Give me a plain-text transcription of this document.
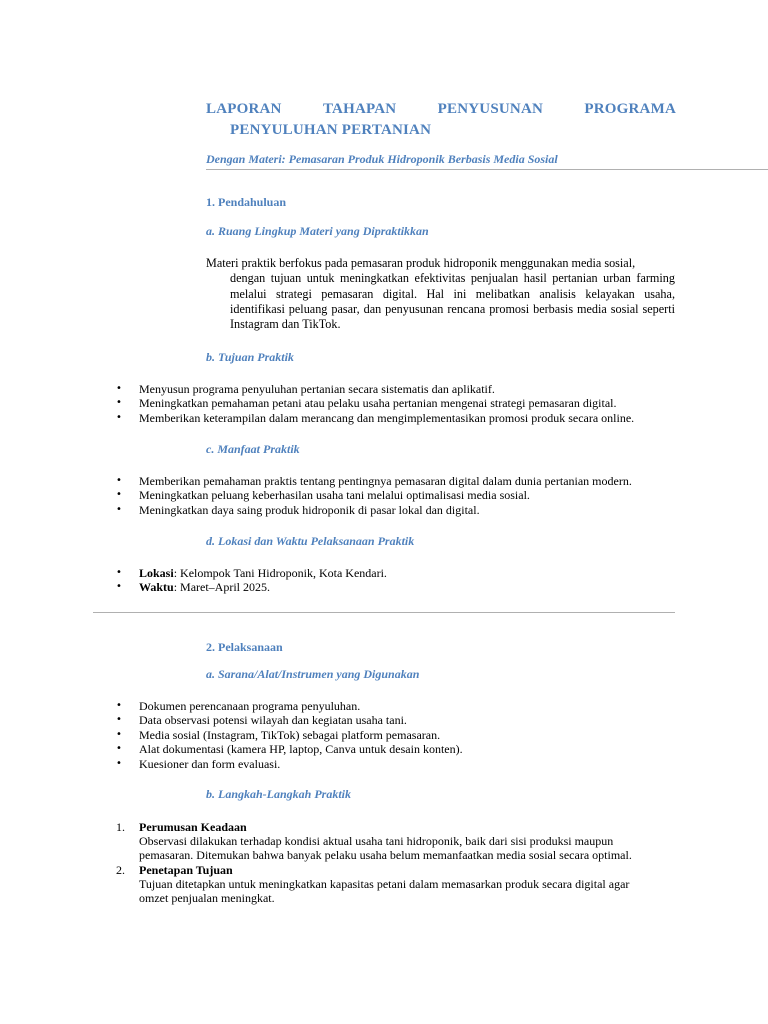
LAPORAN	TAHAPAN	PENYUSUNAN	PROGRAMA
PENYULUHAN PERTANIAN
Dengan Materi: Pemasaran Produk Hidroponik Berbasis Media Sosial
1. Pendahuluan
a. Ruang Lingkup Materi yang Dipraktikkan
Materi praktik berfokus pada pemasaran produk hidroponik menggunakan media sosial,
dengan tujuan untuk meningkatkan efektivitas penjualan hasil pertanian urban farming melalui strategi pemasaran digital. Hal ini melibatkan analisis kelayakan usaha, identifikasi peluang pasar, dan penyusunan rencana promosi berbasis media sosial seperti Instagram dan TikTok.
b. Tujuan Praktik
• Menyusun programa penyuluhan pertanian secara sistematis dan aplikatif.
• Meningkatkan pemahaman petani atau pelaku usaha pertanian mengenai strategi pemasaran digital.
• Memberikan keterampilan dalam merancang dan mengimplementasikan promosi produk secara online.
c. Manfaat Praktik
• Memberikan pemahaman praktis tentang pentingnya pemasaran digital dalam dunia pertanian modern.
• Meningkatkan peluang keberhasilan usaha tani melalui optimalisasi media sosial.
• Meningkatkan daya saing produk hidroponik di pasar lokal dan digital.
d. Lokasi dan Waktu Pelaksanaan Praktik
• Lokasi: Kelompok Tani Hidroponik, Kota Kendari.
• Waktu: Maret–April 2025.
2. Pelaksanaan
a. Sarana/Alat/Instrumen yang Digunakan
• Dokumen perencanaan programa penyuluhan.
• Data observasi potensi wilayah dan kegiatan usaha tani.
• Media sosial (Instagram, TikTok) sebagai platform pemasaran.
• Alat dokumentasi (kamera HP, laptop, Canva untuk desain konten).
• Kuesioner dan form evaluasi.
b. Langkah-Langkah Praktik
1. Perumusan Keadaan
Observasi dilakukan terhadap kondisi aktual usaha tani hidroponik, baik dari sisi produksi maupun
pemasaran. Ditemukan bahwa banyak pelaku usaha belum memanfaatkan media sosial secara optimal.
2. Penetapan Tujuan
Tujuan ditetapkan untuk meningkatkan kapasitas petani dalam memasarkan produk secara digital agar
omzet penjualan meningkat.
